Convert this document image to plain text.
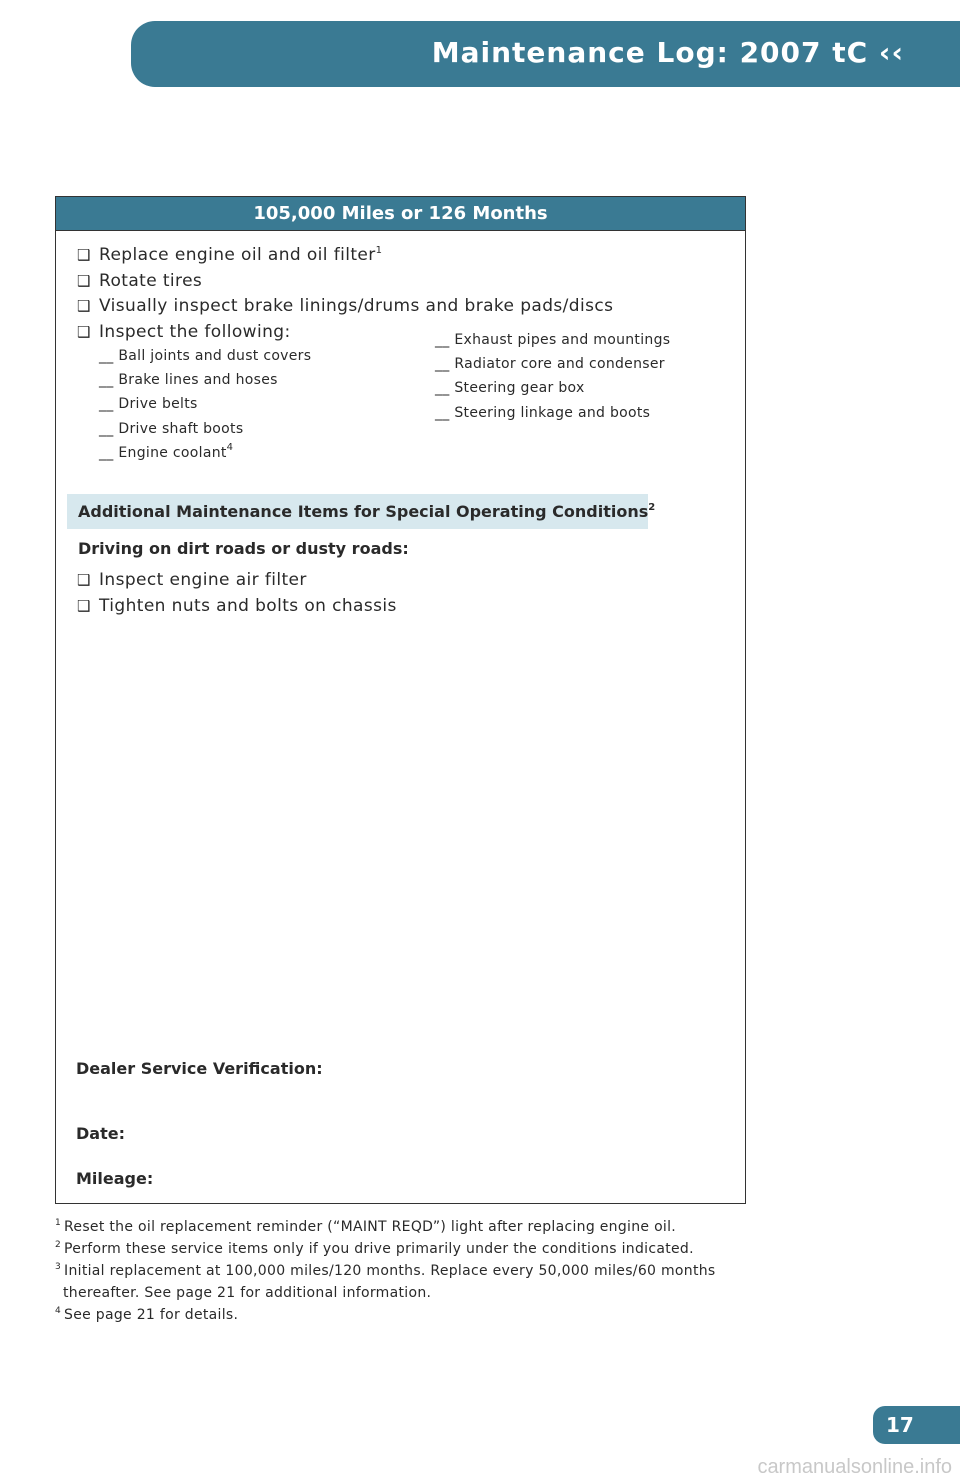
Maintenance Log: 2007 tC ‹‹
105,000 Miles or 126 Months
❑ Replace engine oil and oil filter$^1$
❑ Rotate tires
❑ Visually inspect brake linings/drums and brake pads/discs
❑ Inspect the following:
__ Ball joints and dust covers
__ Brake lines and hoses
__ Drive belts
__ Drive shaft boots
__ Engine coolant$^4$
__ Exhaust pipes and mountings
__ Radiator core and condenser
__ Steering gear box
__ Steering linkage and boots
Additional Maintenance Items for Special Operating Conditions$^2$
Driving on dirt roads or dusty roads:
❑ Inspect engine air filter
❑ Tighten nuts and bolts on chassis
Dealer Service Verification:
Date:
Mileage:
$^1$ Reset the oil replacement reminder (“MAINT REQD”) light after replacing engine oil.
$^2$ Perform these service items only if you drive primarily under the conditions indicated.
$^3$ Initial replacement at 100,000 miles/120 months. Replace every 50,000 miles/60 months
thereafter. See page 21 for additional information.
$^4$ See page 21 for details.
17
carmanualsonline.info
